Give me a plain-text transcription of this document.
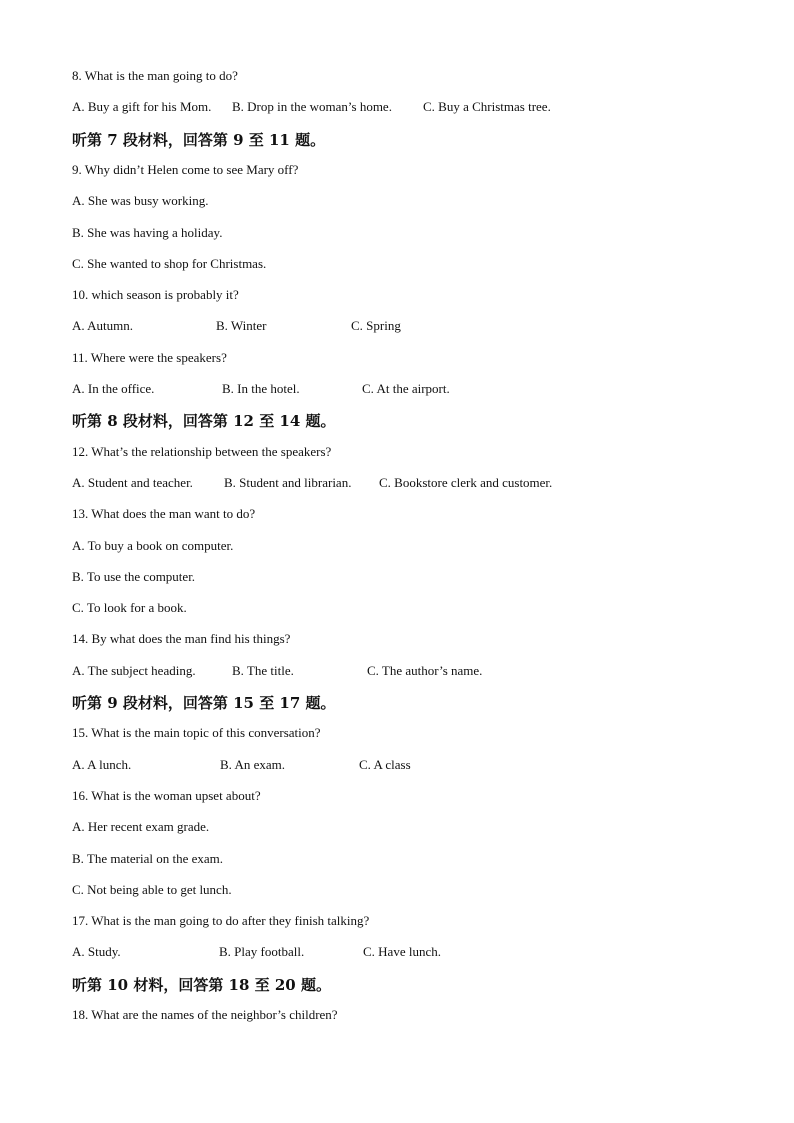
8. What is the man going to do?
A. Buy a gift for his Mom. B. Drop in the woman’s home. C. Buy a Christmas tree.
听第 7 段材料，回答第 9 至 11 题。
9. Why didn’t Helen come to see Mary off?
A. She was busy working.
B. She was having a holiday.
C. She wanted to shop for Christmas.
10. which season is probably it?
A. Autumn.	B. Winter	C. Spring
11. Where were the speakers?
A. In the office.	B. In the hotel.	C. At the airport.
听第 8 段材料，回答第 12 至 14 题。
12. What’s the relationship between the speakers?
A. Student and teacher. B. Student and librarian. C. Bookstore clerk and customer.
13. What does the man want to do?
A. To buy a book on computer.
B. To use the computer.
C. To look for a book.
14. By what does the man find his things?
A. The subject heading.	B. The title.	C. The author’s name.
听第 9 段材料，回答第 15 至 17 题。
15. What is the main topic of this conversation?
A. A lunch.	B. An exam.	C. A class
16. What is the woman upset about?
A. Her recent exam grade.
B. The material on the exam.
C. Not being able to get lunch.
17. What is the man going to do after they finish talking?
A. Study.	B. Play football.	C. Have lunch.
听第 10 材料，回答第 18 至 20 题。
18. What are the names of the neighbor’s children?
